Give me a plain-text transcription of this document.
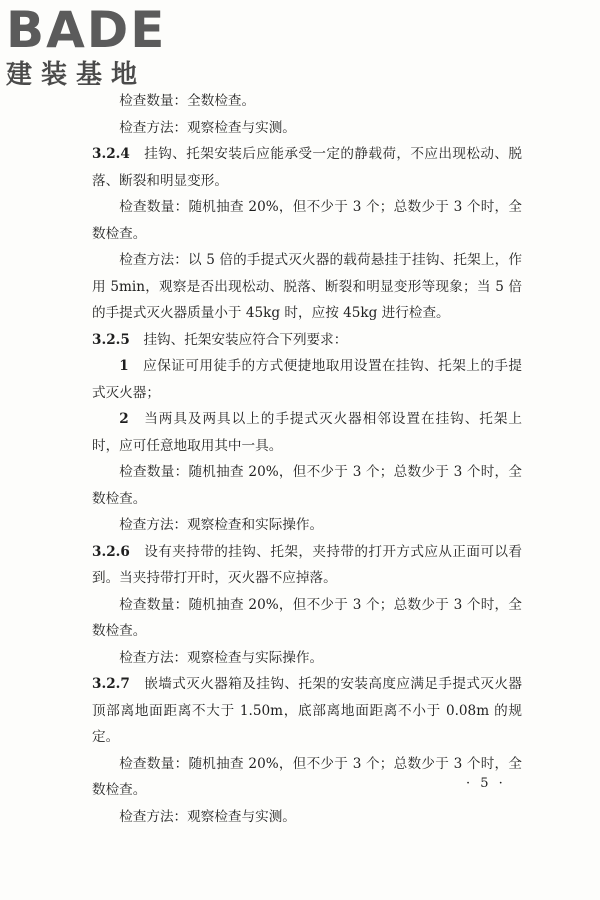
BADE
建装基地

检查数量：全数检查。

检查方法：观察检查与实测。

3.2.4　 挂钩、托架安装后应能承受一定的静载荷，不应出现松动、脱落、断裂和明显变形。

检查数量：随机抽查 20%，但不少于 3 个；总数少于 3 个时，全数检查。

检查方法：以 5 倍的手提式灭火器的载荷悬挂于挂钩、托架上，作用 5min，观察是否出现松动、脱落、断裂和明显变形等现象；当 5 倍的手提式灭火器质量小于 45kg 时，应按 45kg 进行检查。

3.2.5　 挂钩、托架安装应符合下列要求：

1　 应保证可用徒手的方式便捷地取用设置在挂钩、托架上的手提式灭火器；

2　 当两具及两具以上的手提式灭火器相邻设置在挂钩、托架上时，应可任意地取用其中一具。

检查数量：随机抽查 20%，但不少于 3 个；总数少于 3 个时，全数检查。

检查方法：观察检查和实际操作。

3.2.6　 设有夹持带的挂钩、托架，夹持带的打开方式应从正面可以看到。当夹持带打开时，灭火器不应掉落。

检查数量：随机抽查 20%，但不少于 3 个；总数少于 3 个时，全数检查。

检查方法：观察检查与实际操作。

3.2.7　 嵌墙式灭火器箱及挂钩、托架的安装高度应满足手提式灭火器顶部离地面距离不大于 1.50m，底部离地面距离不小于 0.08m 的规定。

检查数量：随机抽查 20%，但不少于 3 个；总数少于 3 个时，全数检查。

检查方法：观察检查与实测。

· 5 ·
